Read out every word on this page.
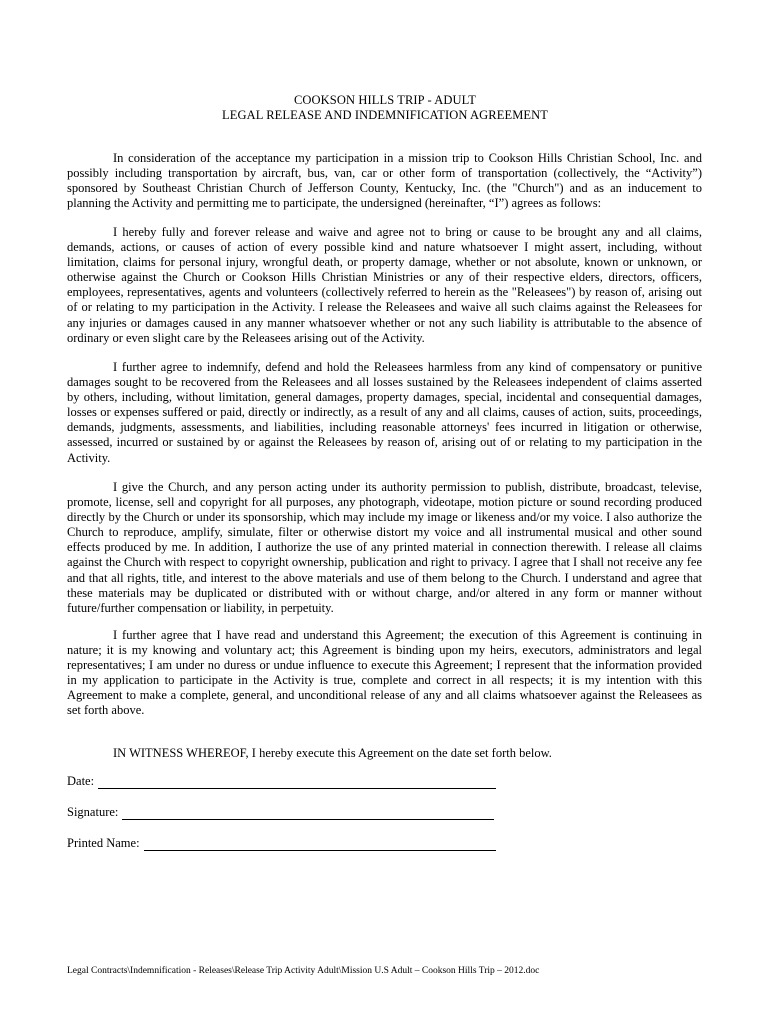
COOKSON HILLS TRIP - ADULT
LEGAL RELEASE AND INDEMNIFICATION AGREEMENT

In consideration of the acceptance my participation in a mission trip to Cookson Hills Christian School, Inc. and possibly including transportation by aircraft, bus, van, car or other form of transportation (collectively, the “Activity”) sponsored by Southeast Christian Church of Jefferson County, Kentucky, Inc. (the "Church") and as an inducement to planning the Activity and permitting me to participate, the undersigned (hereinafter, “I”) agrees as follows:

I hereby fully and forever release and waive and agree not to bring or cause to be brought any and all claims, demands, actions, or causes of action of every possible kind and nature whatsoever I might assert, including, without limitation, claims for personal injury, wrongful death, or property damage, whether or not absolute, known or unknown, or otherwise against the Church or Cookson Hills Christian Ministries or any of their respective elders, directors, officers, employees, representatives, agents and volunteers (collectively referred to herein as the "Releasees") by reason of, arising out of or relating to my participation in the Activity. I release the Releasees and waive all such claims against the Releasees for any injuries or damages caused in any manner whatsoever whether or not any such liability is attributable to the absence of ordinary or even slight care by the Releasees arising out of the Activity.

I further agree to indemnify, defend and hold the Releasees harmless from any kind of compensatory or punitive damages sought to be recovered from the Releasees and all losses sustained by the Releasees independent of claims asserted by others, including, without limitation, general damages, property damages, special, incidental and consequential damages, losses or expenses suffered or paid, directly or indirectly, as a result of any and all claims, causes of action, suits, proceedings, demands, judgments, assessments, and liabilities, including reasonable attorneys' fees incurred in litigation or otherwise, assessed, incurred or sustained by or against the Releasees by reason of, arising out of or relating to my participation in the Activity.

I give the Church, and any person acting under its authority permission to publish, distribute, broadcast, televise, promote, license, sell and copyright for all purposes, any photograph, videotape, motion picture or sound recording produced directly by the Church or under its sponsorship, which may include my image or likeness and/or my voice. I also authorize the Church to reproduce, amplify, simulate, filter or otherwise distort my voice and all instrumental musical and other sound effects produced by me. In addition, I authorize the use of any printed material in connection therewith. I release all claims against the Church with respect to copyright ownership, publication and right to privacy. I agree that I shall not receive any fee and that all rights, title, and interest to the above materials and use of them belong to the Church. I understand and agree that these materials may be duplicated or distributed with or without charge, and/or altered in any form or manner without future/further compensation or liability, in perpetuity.

I further agree that I have read and understand this Agreement; the execution of this Agreement is continuing in nature; it is my knowing and voluntary act; this Agreement is binding upon my heirs, executors, administrators and legal representatives; I am under no duress or undue influence to execute this Agreement; I represent that the information provided in my application to participate in the Activity is true, complete and correct in all respects; it is my intention with this Agreement to make a complete, general, and unconditional release of any and all claims whatsoever against the Releasees as set forth above.

IN WITNESS WHEREOF, I hereby execute this Agreement on the date set forth below.
Date:
Signature:
Printed Name:
Legal Contracts\Indemnification - Releases\Release Trip Activity Adult\Mission U.S Adult – Cookson Hills Trip – 2012.doc
